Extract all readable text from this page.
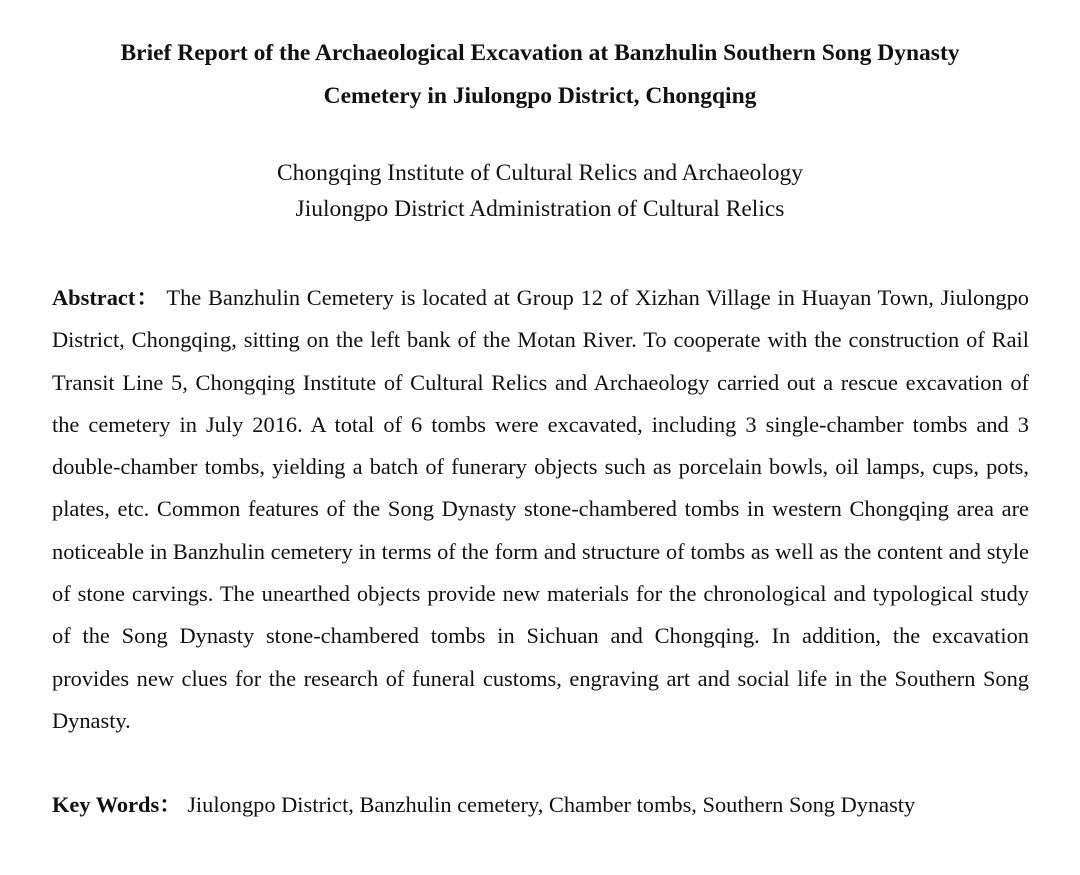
Brief Report of the Archaeological Excavation at Banzhulin Southern Song Dynasty
Cemetery in Jiulongpo District, Chongqing
Chongqing Institute of Cultural Relics and Archaeology
Jiulongpo District Administration of Cultural Relics

Abstract： The Banzhulin Cemetery is located at Group 12 of Xizhan Village in Huayan Town, Jiulongpo District, Chongqing, sitting on the left bank of the Motan River. To cooperate with the construction of Rail Transit Line 5, Chongqing Institute of Cultural Relics and Archaeology carried out a rescue excavation of the cemetery in July 2016. A total of 6 tombs were excavated, including 3 single-chamber tombs and 3 double-chamber tombs, yielding a batch of funerary objects such as porcelain bowls, oil lamps, cups, pots, plates, etc. Common features of the Song Dynasty stone-chambered tombs in western Chongqing area are noticeable in Banzhulin cemetery in terms of the form and structure of tombs as well as the content and style of stone carvings. The unearthed objects provide new materials for the chronological and typological study of the Song Dynasty stone-chambered tombs in Sichuan and Chongqing. In addition, the excavation provides new clues for the research of funeral customs, engraving art and social life in the Southern Song Dynasty.

Key Words： Jiulongpo District, Banzhulin cemetery, Chamber tombs, Southern Song Dynasty
